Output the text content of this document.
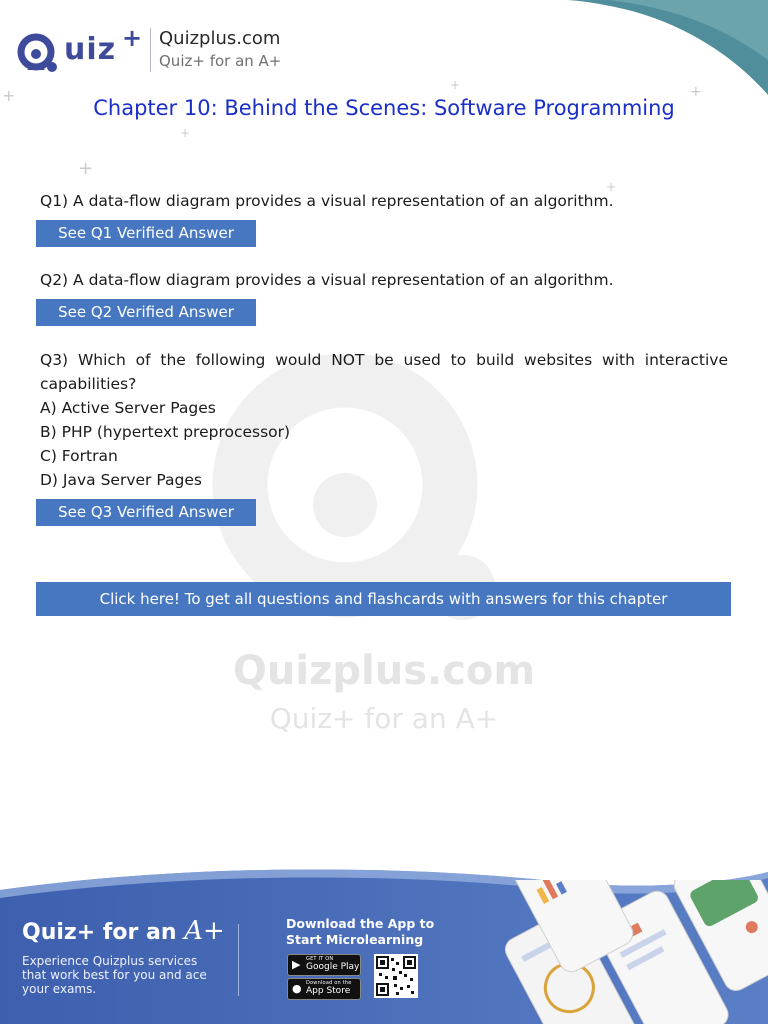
uiz + Quizplus.com
Quiz+ for an A+
+
+
+
+	+
+
Chapter 10: Behind the Scenes: Software Programming
Quizplus.com
Quiz+ for an A+

Q1) A data-flow diagram provides a visual representation of an algorithm.

See Q1 Verified Answer

Q2) A data-flow diagram provides a visual representation of an algorithm.

See Q2 Verified Answer

Q3) Which of the following would NOT be used to build websites with interactive capabilities?

A) Active Server Pages

B) PHP (hypertext preprocessor)

C) Fortran

D) Java Server Pages

See Q3 Verified Answer
Click here! To get all questions and flashcards with answers for this chapter
Quiz+ for an A+
Experience Quizplus services that work best for you and ace your exams.
Download the App to Start Microlearning
▶ GET IT ON
Google Play
● Download on the
App Store
